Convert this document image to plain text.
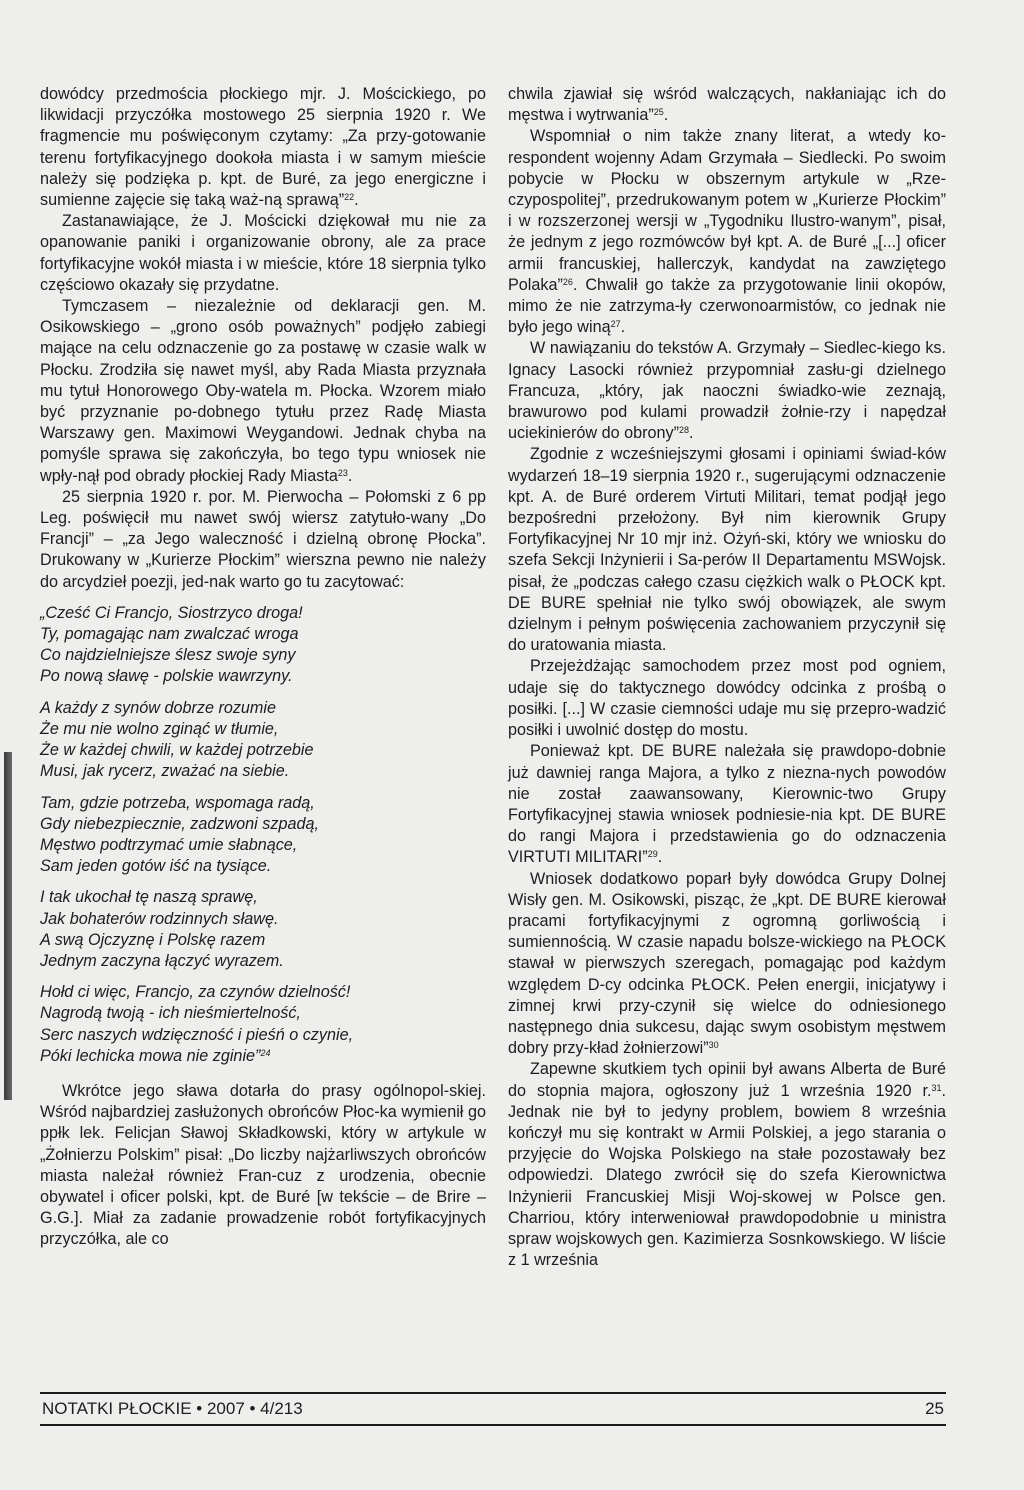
dowódcy przedmościa płockiego mjr. J. Mościckiego, po likwidacji przyczółka mostowego 25 sierpnia 1920 r. We fragmencie mu poświęconym czytamy: „Za przy-gotowanie terenu fortyfikacyjnego dookoła miasta i w samym mieście należy się podzięka p. kpt. de Buré, za jego energiczne i sumienne zajęcie się taką waż-ną sprawą”$^{22}$.

Zastanawiające, że J. Mościcki dziękował mu nie za opanowanie paniki i organizowanie obrony, ale za prace fortyfikacyjne wokół miasta i w mieście, które 18 sierpnia tylko częściowo okazały się przydatne.

Tymczasem – niezależnie od deklaracji gen. M. Osikowskiego – „grono osób poważnych” podjęło zabiegi mające na celu odznaczenie go za postawę w czasie walk w Płocku. Zrodziła się nawet myśl, aby Rada Miasta przyznała mu tytuł Honorowego Oby-watela m. Płocka. Wzorem miało być przyznanie po-dobnego tytułu przez Radę Miasta Warszawy gen. Maximowi Weygandowi. Jednak chyba na pomyśle sprawa się zakończyła, bo tego typu wniosek nie wpły-nął pod obrady płockiej Rady Miasta$^{23}$.

25 sierpnia 1920 r. por. M. Pierwocha – Połomski z 6 pp Leg. poświęcił mu nawet swój wiersz zatytuło-wany „Do Francji” – „za Jego waleczność i dzielną obronę Płocka”. Drukowany w „Kurierze Płockim” wierszna pewno nie należy do arcydzieł poezji, jed-nak warto go tu zacytować:

„Cześć Ci Francjo, Siostrzyco droga!
Ty, pomagając nam zwalczać wroga
Co najdzielniejsze ślesz swoje syny
Po nową sławę - polskie wawrzyny.
A każdy z synów dobrze rozumie
Że mu nie wolno zginąć w tłumie,
Że w każdej chwili, w każdej potrzebie
Musi, jak rycerz, zważać na siebie.
Tam, gdzie potrzeba, wspomaga radą,
Gdy niebezpiecznie, zadzwoni szpadą,
Męstwo podtrzymać umie słabnące,
Sam jeden gotów iść na tysiące.
I tak ukochał tę naszą sprawę,
Jak bohaterów rodzinnych sławę.
A swą Ojczyznę i Polskę razem
Jednym zaczyna łączyć wyrazem.
Hołd ci więc, Francjo, za czynów dzielność!
Nagrodą twoją - ich nieśmiertelność,
Serc naszych wdzięczność i pieśń o czynie,
Póki lechicka mowa nie zginie”$^{24}$

Wkrótce jego sława dotarła do prasy ogólnopol-skiej. Wśród najbardziej zasłużonych obrońców Płoc-ka wymienił go ppłk lek. Felicjan Sławoj Składkowski, który w artykule w „Żołnierzu Polskim” pisał: „Do liczby najżarliwszych obrońców miasta należał również Fran-cuz z urodzenia, obecnie obywatel i oficer polski, kpt. de Buré [w tekście – de Brire – G.G.]. Miał za zadanie prowadzenie robót fortyfikacyjnych przyczółka, ale co

chwila zjawiał się wśród walczących, nakłaniając ich do męstwa i wytrwania”$^{25}$.

Wspomniał o nim także znany literat, a wtedy ko-respondent wojenny Adam Grzymała – Siedlecki. Po swoim pobycie w Płocku w obszernym artykule w „Rze-czypospolitej”, przedrukowanym potem w „Kurierze Płockim” i w rozszerzonej wersji w „Tygodniku Ilustro-wanym”, pisał, że jednym z jego rozmówców był kpt. A. de Buré „[...] oficer armii francuskiej, hallerczyk, kandydat na zawziętego Polaka”$^{26}$. Chwalił go także za przygotowanie linii okopów, mimo że nie zatrzyma-ły czerwonoarmistów, co jednak nie było jego winą$^{27}$.

W nawiązaniu do tekstów A. Grzymały – Siedlec-kiego ks. Ignacy Lasocki również przypomniał zasłu-gi dzielnego Francuza, „który, jak naoczni świadko-wie zeznają, brawurowo pod kulami prowadził żołnie-rzy i napędzał uciekinierów do obrony”$^{28}$.

Zgodnie z wcześniejszymi głosami i opiniami świad-ków wydarzeń 18–19 sierpnia 1920 r., sugerującymi odznaczenie kpt. A. de Buré orderem Virtuti Militari, temat podjął jego bezpośredni przełożony. Był nim kierownik Grupy Fortyfikacyjnej Nr 10 mjr inż. Ożyń-ski, który we wniosku do szefa Sekcji Inżynierii i Sa-perów II Departamentu MSWojsk. pisał, że „podczas całego czasu ciężkich walk o PŁOCK kpt. DE BURE spełniał nie tylko swój obowiązek, ale swym dzielnym i pełnym poświęcenia zachowaniem przyczynił się do uratowania miasta.

Przejeżdżając samochodem przez most pod ogniem, udaje się do taktycznego dowódcy odcinka z prośbą o posiłki. [...] W czasie ciemności udaje mu się przepro-wadzić posiłki i uwolnić dostęp do mostu.

Ponieważ kpt. DE BURE należała się prawdopo-dobnie już dawniej ranga Majora, a tylko z niezna-nych powodów nie został zaawansowany, Kierownic-two Grupy Fortyfikacyjnej stawia wniosek podniesie-nia kpt. DE BURE do rangi Majora i przedstawienia go do odznaczenia VIRTUTI MILITARI”$^{29}$.

Wniosek dodatkowo poparł były dowódca Grupy Dolnej Wisły gen. M. Osikowski, pisząc, że „kpt. DE BURE kierował pracami fortyfikacyjnymi z ogromną gorliwością i sumiennością. W czasie napadu bolsze-wickiego na PŁOCK stawał w pierwszych szeregach, pomagając pod każdym względem D-cy odcinka PŁOCK. Pełen energii, inicjatywy i zimnej krwi przy-czynił się wielce do odniesionego następnego dnia sukcesu, dając swym osobistym męstwem dobry przy-kład żołnierzowi”$^{30}$

Zapewne skutkiem tych opinii był awans Alberta de Buré do stopnia majora, ogłoszony już 1 września 1920 r.$^{31}$. Jednak nie był to jedyny problem, bowiem 8 września kończył mu się kontrakt w Armii Polskiej, a jego starania o przyjęcie do Wojska Polskiego na stałe pozostawały bez odpowiedzi. Dlatego zwrócił się do szefa Kierownictwa Inżynierii Francuskiej Misji Woj-skowej w Polsce gen. Charriou, który interweniował prawdopodobnie u ministra spraw wojskowych gen. Kazimierza Sosnkowskiego. W liście z 1 września

NOTATKI PŁOCKIE • 2007 • 4/213	25
